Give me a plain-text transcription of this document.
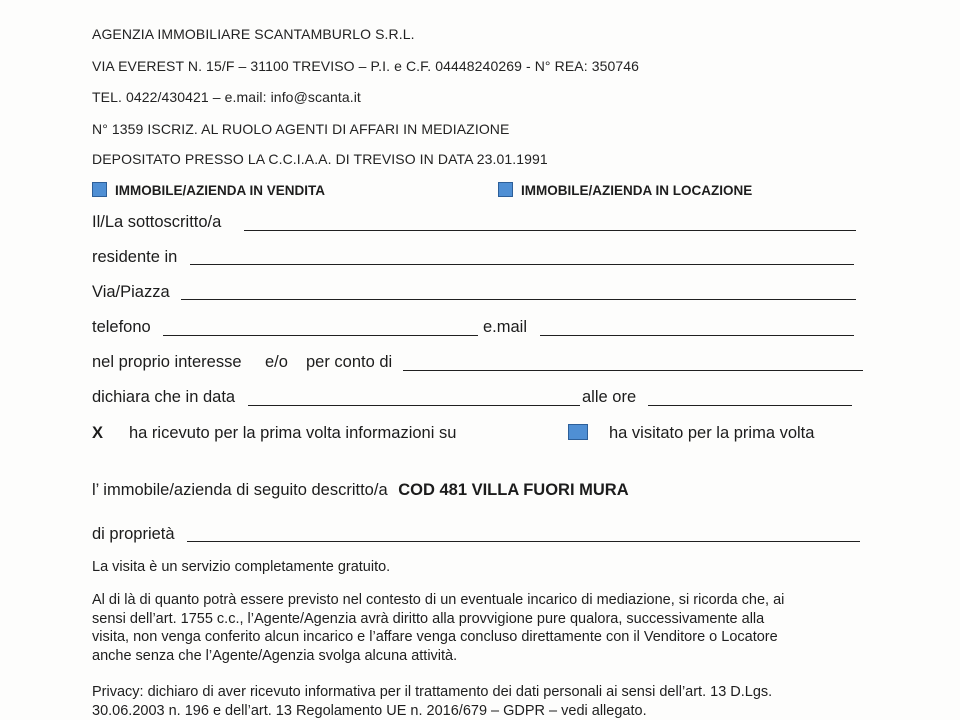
AGENZIA IMMOBILIARE SCANTAMBURLO S.R.L.
VIA EVEREST N. 15/F – 31100 TREVISO – P.I. e C.F. 04448240269 - N° REA: 350746
TEL. 0422/430421 – e.mail: info@scanta.it
N° 1359 ISCRIZ. AL RUOLO AGENTI DI AFFARI IN MEDIAZIONE
DEPOSITATO PRESSO LA C.C.I.A.A. DI TREVISO IN DATA 23.01.1991
IMMOBILE/AZIENDA IN VENDITA	IMMOBILE/AZIENDA IN LOCAZIONE
Il/La sottoscritto/a
residente in
Via/Piazza
telefono	e.mail
nel proprio interesse e/o per conto di
dichiara che in data	alle ore
X ha ricevuto per la prima volta informazioni su	ha visitato per la prima volta
l’ immobile/azienda di seguito descritto/a COD 481 VILLA FUORI MURA
di proprietà
La visita è un servizio completamente gratuito.
Al di là di quanto potrà essere previsto nel contesto di un eventuale incarico di mediazione, si ricorda che, ai
sensi dell’art. 1755 c.c., l’Agente/Agenzia avrà diritto alla provvigione pure qualora, successivamente alla
visita, non venga conferito alcun incarico e l’affare venga concluso direttamente con il Venditore o Locatore
anche senza che l’Agente/Agenzia svolga alcuna attività.
Privacy: dichiaro di aver ricevuto informativa per il trattamento dei dati personali ai sensi dell’art. 13 D.Lgs.
30.06.2003 n. 196 e dell’art. 13 Regolamento UE n. 2016/679 – GDPR – vedi allegato.
